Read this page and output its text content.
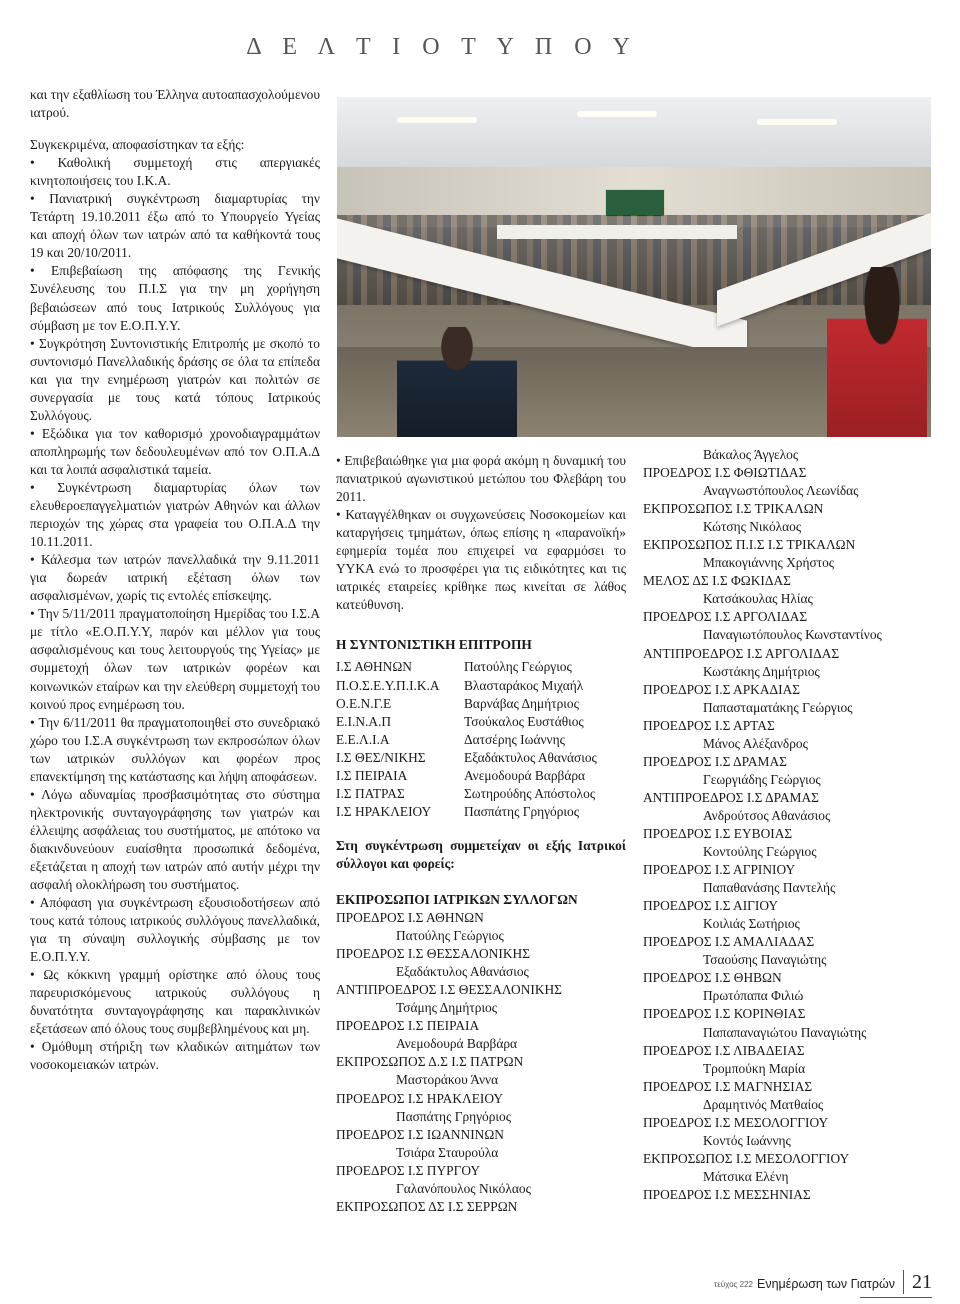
Δ Ε Λ Τ Ι Ο Τ Υ Π Ο Υ

και την εξαθλίωση του Έλληνα αυτοαπασχολούμενου ιατρού.

Συγκεκριμένα, αποφασίστηκαν τα εξής:

• Καθολική συμμετοχή στις απεργιακές κινητοποιήσεις του Ι.Κ.Α.

• Πανιατρική συγκέντρωση διαμαρτυρίας την Τετάρτη 19.10.2011 έξω από το Υπουργείο Υγείας και αποχή όλων των ιατρών από τα καθήκοντά τους 19 και 20/10/2011.

• Επιβεβαίωση της απόφασης της Γενικής Συνέλευσης του Π.Ι.Σ για την μη χορήγηση βεβαιώσεων από τους Ιατρικούς Συλλόγους για σύμβαση με τον Ε.Ο.Π.Υ.Υ.

• Συγκρότηση Συντονιστικής Επιτροπής με σκοπό το συντονισμό Πανελλαδικής δράσης σε όλα τα επίπεδα και για την ενημέρωση γιατρών και πολιτών σε συνεργασία με τους κατά τόπους Ιατρικούς Συλλόγους.

• Εξώδικα για τον καθορισμό χρονοδιαγραμμάτων αποπληρωμής των δεδουλευμένων από τον Ο.Π.Α.Δ και τα λοιπά ασφαλιστικά ταμεία.

• Συγκέντρωση διαμαρτυρίας όλων των ελευθεροεπαγγελματιών γιατρών Αθηνών και άλλων περιοχών της χώρας στα γραφεία του Ο.Π.Α.Δ την 10.11.2011.

• Κάλεσμα των ιατρών πανελλαδικά την 9.11.2011 για δωρεάν ιατρική εξέταση όλων των ασφαλισμένων, χωρίς τις εντολές επίσκεψης.

• Την 5/11/2011 πραγματοποίηση Ημερίδας του Ι.Σ.Α με τίτλο «Ε.Ο.Π.Υ.Υ, παρόν και μέλλον για τους ασφαλισμένους και τους λειτουργούς της Υγείας» με συμμετοχή όλων των ιατρικών φορέων και κοινωνικών εταίρων και την ελεύθερη συμμετοχή του κοινού προς ενημέρωση του.

• Την 6/11/2011 θα πραγματοποιηθεί στο συνεδριακό χώρο του Ι.Σ.Α συγκέντρωση των εκπροσώπων όλων των ιατρικών συλλόγων και φορέων προς επανεκτίμηση της κατάστασης και λήψη αποφάσεων.

• Λόγω αδυναμίας προσβασιμότητας στο σύστημα ηλεκτρονικής συνταγογράφησης των γιατρών και έλλειψης ασφάλειας του συστήματος, με απότοκο να διακινδυνεύουν ευαίσθητα προσωπικά δεδομένα, εξετάζεται η αποχή των ιατρών από αυτήν μέχρι την ασφαλή ολοκλήρωση του συστήματος.

• Απόφαση για συγκέντρωση εξουσιοδοτήσεων από τους κατά τόπους ιατρικούς συλλόγους πανελλαδικά, για τη σύναψη συλλογικής σύμβασης με τον Ε.Ο.Π.Υ.Υ.

• Ως κόκκινη γραμμή ορίστηκε από όλους τους παρευρισκόμενους ιατρικούς συλλόγους η δυνατότητα συνταγογράφησης και παρακλινικών εξετάσεων από όλους τους συμβεβλημένους και μη.

• Ομόθυμη στήριξη των κλαδικών αιτημάτων των νοσοκομειακών ιατρών.

• Επιβεβαιώθηκε για μια φορά ακόμη η δυναμική του πανιατρικού αγωνιστικού μετώπου του Φλεβάρη του 2011.

• Καταγγέλθηκαν οι συγχωνεύσεις Νοσοκομείων και καταργήσεις τμημάτων, όπως επίσης η «παρανοϊκή» εφημερία τομέα που επιχειρεί να εφαρμόσει το ΥΥΚΑ ενώ το προσφέρει για τις ειδικότητες και τις ιατρικές εταιρείες κρίθηκε πως κινείται σε λάθος κατεύθυνση.

Η ΣΥΝΤΟΝΙΣΤΙΚΗ ΕΠΙΤΡΟΠΗ
Ι.Σ ΑΘΗΝΩΝ	Πατούλης Γεώργιος
Π.Ο.Σ.Ε.Υ.Π.Ι.Κ.Α	Βλασταράκος Μιχαήλ
Ο.Ε.Ν.Γ.Ε	Βαρνάβας Δημήτριος
Ε.Ι.Ν.Α.Π	Τσούκαλος Ευστάθιος
Ε.Ε.Λ.Ι.Α	Δατσέρης Ιωάννης
Ι.Σ ΘΕΣ/ΝΙΚΗΣ	Εξαδάκτυλος Αθανάσιος
Ι.Σ ΠΕΙΡΑΙΑ	Ανεμοδουρά Βαρβάρα
Ι.Σ ΠΑΤΡΑΣ	Σωτηρούδης Απόστολος
Ι.Σ ΗΡΑΚΛΕΙΟΥ	Πασπάτης Γρηγόριος
Στη συγκέντρωση συμμετείχαν οι εξής Ιατρικοί σύλλογοι και φορείς:
ΕΚΠΡΟΣΩΠΟΙ ΙΑΤΡΙΚΩΝ ΣΥΛΛΟΓΩΝ
ΠΡΟΕΔΡΟΣ Ι.Σ ΑΘΗΝΩΝ
Πατούλης Γεώργιος
ΠΡΟΕΔΡΟΣ Ι.Σ ΘΕΣΣΑΛΟΝΙΚΗΣ
Εξαδάκτυλος Αθανάσιος
ΑΝΤΙΠΡΟΕΔΡΟΣ Ι.Σ ΘΕΣΣΑΛΟΝΙΚΗΣ
Τσάμης Δημήτριος
ΠΡΟΕΔΡΟΣ Ι.Σ ΠΕΙΡΑΙΑ
Ανεμοδουρά Βαρβάρα
ΕΚΠΡΟΣΩΠΟΣ Δ.Σ Ι.Σ ΠΑΤΡΩΝ
Μαστοράκου Άννα
ΠΡΟΕΔΡΟΣ Ι.Σ ΗΡΑΚΛΕΙΟΥ
Πασπάτης Γρηγόριος
ΠΡΟΕΔΡΟΣ Ι.Σ ΙΩΑΝΝΙΝΩΝ
Τσιάρα Σταυρούλα
ΠΡΟΕΔΡΟΣ Ι.Σ ΠΥΡΓΟΥ
Γαλανόπουλος Νικόλαος
ΕΚΠΡΟΣΩΠΟΣ ΔΣ Ι.Σ ΣΕΡΡΩΝ
Βάκαλος Άγγελος
ΠΡΟΕΔΡΟΣ Ι.Σ ΦΘΙΩΤΙΔΑΣ
Αναγνωστόπουλος Λεωνίδας
ΕΚΠΡΟΣΩΠΟΣ Ι.Σ ΤΡΙΚΑΛΩΝ
Κώτσης Νικόλαος
ΕΚΠΡΟΣΩΠΟΣ Π.Ι.Σ Ι.Σ ΤΡΙΚΑΛΩΝ
Μπακογιάννης Χρήστος
ΜΕΛΟΣ ΔΣ Ι.Σ ΦΩΚΙΔΑΣ
Κατσάκουλας Ηλίας
ΠΡΟΕΔΡΟΣ Ι.Σ ΑΡΓΟΛΙΔΑΣ
Παναγιωτόπουλος Κωνσταντίνος
ΑΝΤΙΠΡΟΕΔΡΟΣ Ι.Σ ΑΡΓΟΛΙΔΑΣ
Κωστάκης Δημήτριος
ΠΡΟΕΔΡΟΣ Ι.Σ ΑΡΚΑΔΙΑΣ
Παπασταματάκης Γεώργιος
ΠΡΟΕΔΡΟΣ Ι.Σ ΑΡΤΑΣ
Μάνος Αλέξανδρος
ΠΡΟΕΔΡΟΣ Ι.Σ ΔΡΑΜΑΣ
Γεωργιάδης Γεώργιος
ΑΝΤΙΠΡΟΕΔΡΟΣ Ι.Σ ΔΡΑΜΑΣ
Ανδρούτσος Αθανάσιος
ΠΡΟΕΔΡΟΣ Ι.Σ ΕΥΒΟΙΑΣ
Κοντούλης Γεώργιος
ΠΡΟΕΔΡΟΣ Ι.Σ ΑΓΡΙΝΙΟΥ
Παπαθανάσης Παντελής
ΠΡΟΕΔΡΟΣ Ι.Σ ΑΙΓΙΟΥ
Κοιλιάς Σωτήριος
ΠΡΟΕΔΡΟΣ Ι.Σ ΑΜΑΛΙΑΔΑΣ
Τσαούσης Παναγιώτης
ΠΡΟΕΔΡΟΣ Ι.Σ ΘΗΒΩΝ
Πρωτόπαπα Φιλιώ
ΠΡΟΕΔΡΟΣ Ι.Σ ΚΟΡΙΝΘΙΑΣ
Παπαπαναγιώτου Παναγιώτης
ΠΡΟΕΔΡΟΣ Ι.Σ ΛΙΒΑΔΕΙΑΣ
Τρομπούκη Μαρία
ΠΡΟΕΔΡΟΣ Ι.Σ ΜΑΓΝΗΣΙΑΣ
Δραμητινός Ματθαίος
ΠΡΟΕΔΡΟΣ Ι.Σ ΜΕΣΟΛΟΓΓΙΟΥ
Κοντός Ιωάννης
ΕΚΠΡΟΣΩΠΟΣ Ι.Σ ΜΕΣΟΛΟΓΓΙΟΥ
Μάτσικα Ελένη
ΠΡΟΕΔΡΟΣ Ι.Σ ΜΕΣΣΗΝΙΑΣ
τεύχος 222 Ενημέρωση των Γιατρών 21
